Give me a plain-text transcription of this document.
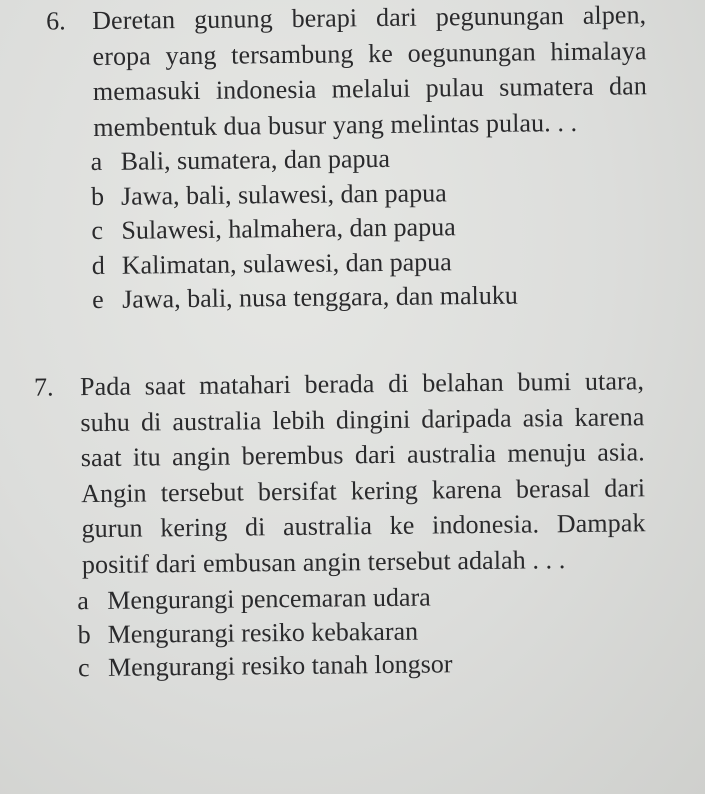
6.	Deretan gunung berapi dari pegunungan alpen, eropa yang tersambung ke oegunungan himalaya memasuki indonesia melalui pulau sumatera dan membentuk dua busur yang melintas pulau. . .
a Bali, sumatera, dan papua
b Jawa, bali, sulawesi, dan papua
c Sulawesi, halmahera, dan papua
d Kalimatan, sulawesi, dan papua
e Jawa, bali, nusa tenggara, dan maluku
7.	Pada saat matahari berada di belahan bumi utara, suhu di australia lebih dingini daripada asia karena saat itu angin berembus dari australia menuju asia. Angin tersebut bersifat kering karena berasal dari gurun kering di australia ke indonesia. Dampak positif dari embusan angin tersebut adalah . . .
a Mengurangi pencemaran udara
b Mengurangi resiko kebakaran
c Mengurangi resiko tanah longsor
